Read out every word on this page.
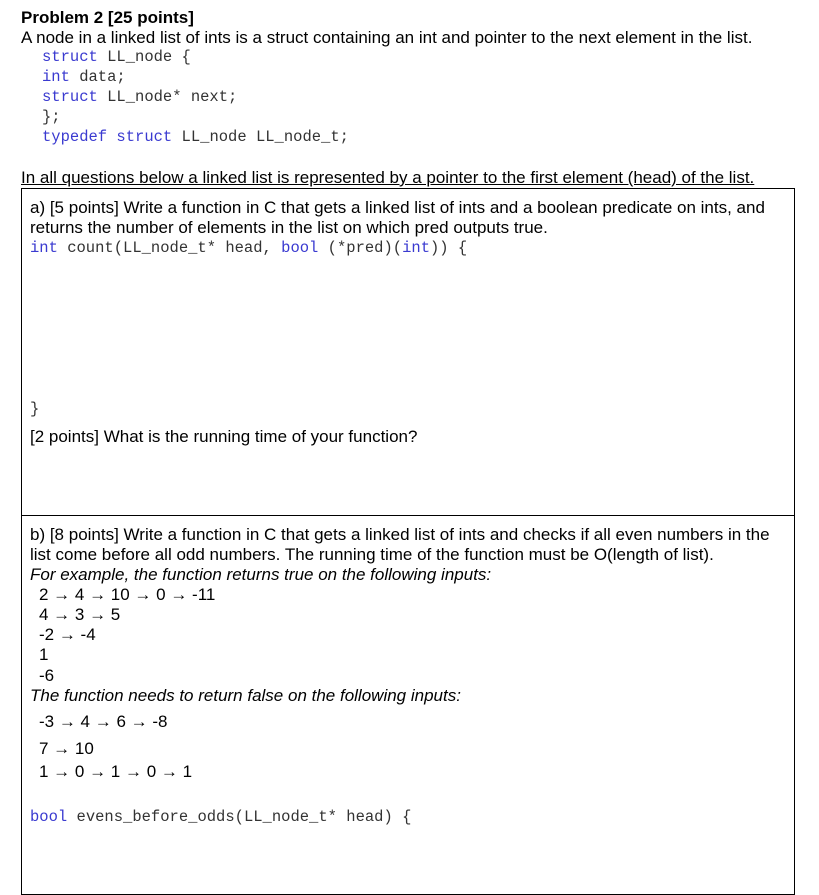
Problem 2 [25 points]
A node in a linked list of ints is a struct containing an int and pointer to the next element in the list.
struct LL_node {
int data;
struct LL_node* next;
};
typedef struct LL_node LL_node_t;
In all questions below a linked list is represented by a pointer to the first element (head) of the list.
a) [5 points] Write a function in C that gets a linked list of ints and a boolean predicate on ints, and
returns the number of elements in the list on which pred outputs true.
int count(LL_node_t* head, bool (*pred)(int)) {
}
[2 points] What is the running time of your function?
b) [8 points] Write a function in C that gets a linked list of ints and checks if all even numbers in the
list come before all odd numbers. The running time of the function must be O(length of list).
For example, the function returns true on the following inputs:
2 → 4 → 10 → 0 → -11
4 → 3 → 5
-2 → -4
1
-6
The function needs to return false on the following inputs:
-3 → 4 → 6 → -8
7 → 10
1 → 0 → 1 → 0 → 1
bool evens_before_odds(LL_node_t* head) {
